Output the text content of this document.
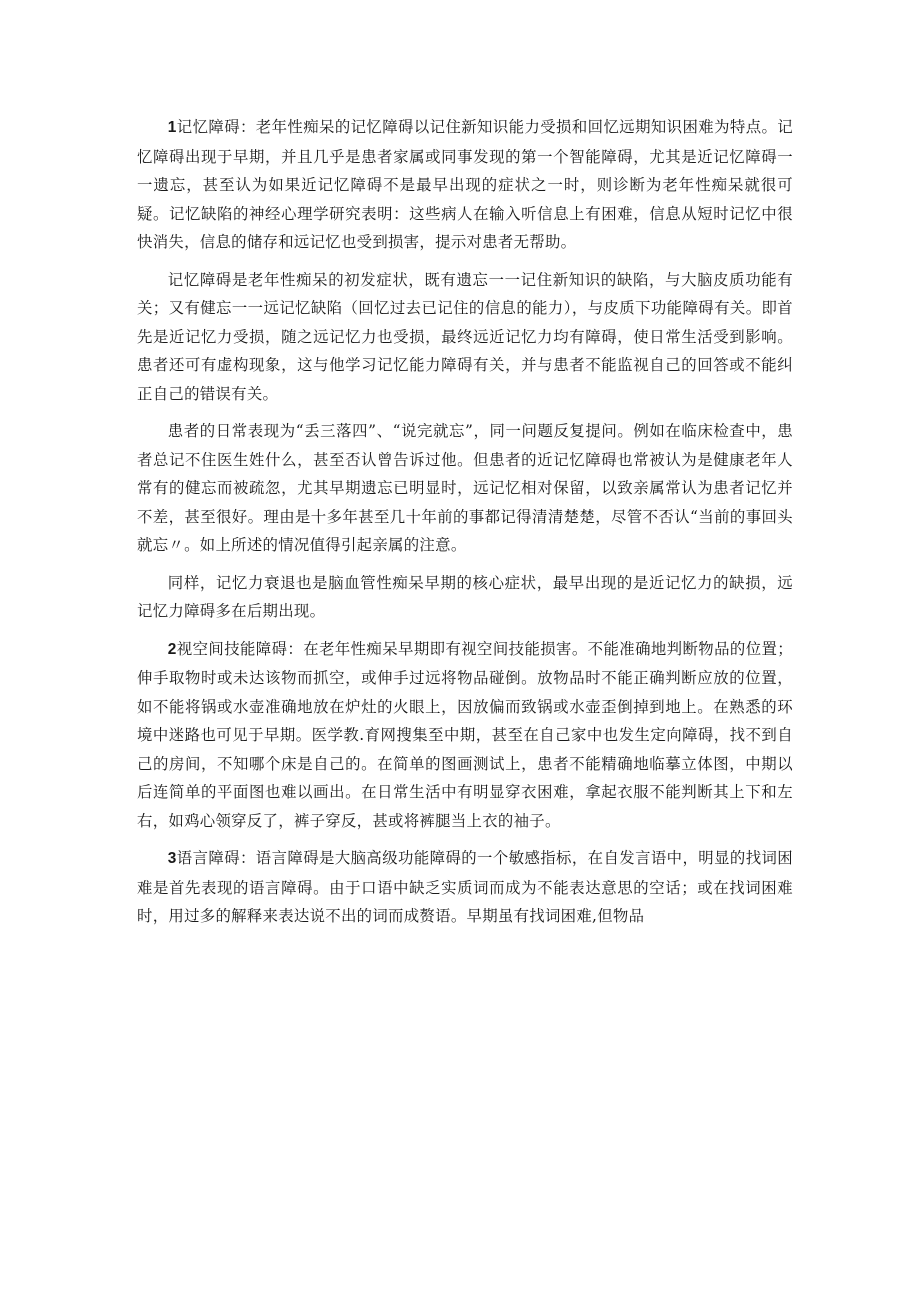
1记忆障碍：老年性痴呆的记忆障碍以记住新知识能力受损和回忆远期知识困难为特点。记忆障碍出现于早期，并且几乎是患者家属或同事发现的第一个智能障碍，尤其是近记忆障碍一一遗忘，甚至认为如果近记忆障碍不是最早出现的症状之一时，则诊断为老年性痴呆就很可疑。记忆缺陷的神经心理学研究表明：这些病人在输入听信息上有困难，信息从短时记忆中很快消失，信息的储存和远记忆也受到损害，提示对患者无帮助。

记忆障碍是老年性痴呆的初发症状，既有遗忘一一记住新知识的缺陷，与大脑皮质功能有关；又有健忘一一远记忆缺陷（回忆过去已记住的信息的能力），与皮质下功能障碍有关。即首先是近记忆力受损，随之远记忆力也受损，最终远近记忆力均有障碍，使日常生活受到影响。患者还可有虚构现象，这与他学习记忆能力障碍有关，并与患者不能监视自己的回答或不能纠正自己的错误有关。

患者的日常表现为“丢三落四”、“说完就忘”，同一问题反复提问。例如在临床检查中，患者总记不住医生姓什么，甚至否认曾告诉过他。但患者的近记忆障碍也常被认为是健康老年人常有的健忘而被疏忽，尤其早期遗忘已明显时，远记忆相对保留，以致亲属常认为患者记忆并不差，甚至很好。理由是十多年甚至几十年前的事都记得清清楚楚，尽管不否认“当前的事回头就忘〃。如上所述的情况值得引起亲属的注意。

同样，记忆力衰退也是脑血管性痴呆早期的核心症状，最早出现的是近记忆力的缺损，远记忆力障碍多在后期出现。

2视空间技能障碍：在老年性痴呆早期即有视空间技能损害。不能准确地判断物品的位置；伸手取物时或未达该物而抓空，或伸手过远将物品碰倒。放物品时不能正确判断应放的位置，如不能将锅或水壶准确地放在炉灶的火眼上，因放偏而致锅或水壶歪倒掉到地上。在熟悉的环境中迷路也可见于早期。医学教.育网搜集至中期，甚至在自己家中也发生定向障碍，找不到自己的房间，不知哪个床是自己的。在简单的图画测试上，患者不能精确地临摹立体图，中期以后连简单的平面图也难以画出。在日常生活中有明显穿衣困难，拿起衣服不能判断其上下和左右，如鸡心领穿反了，裤子穿反，甚或将裤腿当上衣的袖子。

3语言障碍：语言障碍是大脑高级功能障碍的一个敏感指标，在自发言语中，明显的找词困难是首先表现的语言障碍。由于口语中缺乏实质词而成为不能表达意思的空话；或在找词困难时，用过多的解释来表达说不出的词而成赘语。早期虽有找词困难,但物品
